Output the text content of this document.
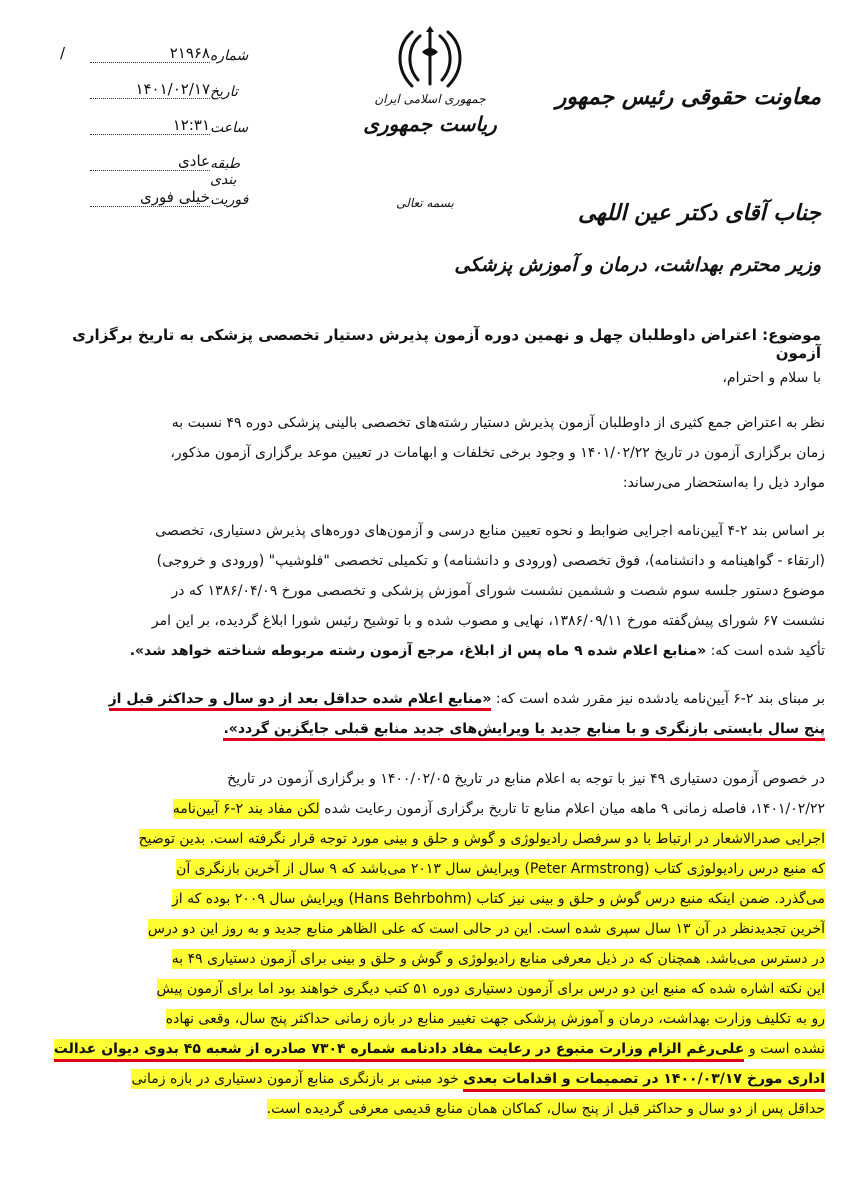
/	۲۱۹۶۸ شماره
۱۴۰۱/۰۲/۱۷ تاریخ
۱۲:۳۱ ساعت
عادی طبقه بندی
خیلی فوری فوریت
جمهوری اسلامی ایران
ریاست جمهوری
بسمه تعالی
معاونت حقوقی رئیس جمهور
جناب آقای دکتر عین اللهی
وزیر محترم بهداشت، درمان و آموزش پزشکی
موضوع: اعتراض داوطلبان چهل و نهمین دوره آزمون پذیرش دستیار تخصصی پزشکی به تاریخ برگزاری آزمون
با سلام و احترام،
نظر به اعتراض جمع کثیری از داوطلبان آزمون پذیرش دستیار رشته‌های تخصصی بالینی پزشکی دوره ۴۹ نسبت به
زمان برگزاری آزمون در تاریخ ۱۴۰۱/۰۲/۲۲ و وجود برخی تخلفات و ابهامات در تعیین موعد برگزاری آزمون مذکور،
موارد ذیل را به‌استحضار می‌رساند:
بر اساس بند ۲-۴ آیین‌نامه اجرایی ضوابط و نحوه تعیین منابع درسی و آزمون‌های دوره‌های پذیرش دستیاری، تخصصی
(ارتقاء - گواهینامه و دانشنامه)، فوق تخصصی (ورودی و دانشنامه) و تکمیلی تخصصی "فلوشیپ" (ورودی و خروجی)
موضوع دستور جلسه سوم شصت و ششمین نشست شورای آموزش پزشکی و تخصصی مورخ ۱۳۸۶/۰۴/۰۹ که در
نشست ۶۷ شورای پیش‌گفته مورخ ۱۳۸۶/۰۹/۱۱، نهایی و مصوب شده و با توشیح رئیس شورا ابلاغ گردیده، بر این امر
تأکید شده است که: «منابع اعلام شده ۹ ماه پس از ابلاغ، مرجع آزمون رشته مربوطه شناخته خواهد شد».
بر مبنای بند ۲-۶ آیین‌نامه یادشده نیز مقرر شده است که: «منابع اعلام شده حداقل بعد از دو سال و حداکثر قبل از
پنج سال بایستی بازنگری و با منابع جدید یا ویرایش‌های جدید منابع قبلی جایگزین گردد».
در خصوص آزمون دستیاری ۴۹ نیز با توجه به اعلام منابع در تاریخ ۱۴۰۰/۰۲/۰۵ و برگزاری آزمون در تاریخ
۱۴۰۱/۰۲/۲۲، فاصله زمانی ۹ ماهه میان اعلام منابع تا تاریخ برگزاری آزمون رعایت شده لکن مفاد بند ۲-۶ آیین‌نامه
اجرایی صدرالاشعار در ارتباط با دو سرفصل رادیولوژی و گوش و حلق و بینی مورد توجه قرار نگرفته است. بدین توضیح
که منبع درس رادیولوژی کتاب (Peter Armstrong) ویرایش سال ۲۰۱۳ می‌باشد که ۹ سال از آخرین بازنگری آن
می‌گذرد. ضمن اینکه منبع درس گوش و حلق و بینی نیز کتاب (Hans Behrbohm) ویرایش سال ۲۰۰۹ بوده که از
آخرین تجدیدنظر در آن ۱۳ سال سپری شده است. این در حالی است که علی الظاهر منابع جدید و به روز این دو درس
در دسترس می‌باشد. همچنان که در ذیل معرفی منابع رادیولوژی و گوش و حلق و بینی برای آزمون دستیاری ۴۹ به
این نکته اشاره شده که منبع این دو درس برای آزمون دستیاری دوره ۵۱ کتب دیگری خواهند بود اما برای آزمون پیش
رو به تکلیف وزارت بهداشت، درمان و آموزش پزشکی جهت تغییر منابع در بازه زمانی حداکثر پنج سال، وقعی نهاده
نشده است و علی‌رغم الزام وزارت متبوع در رعایت مفاد دادنامه شماره ۷۳۰۴ صادره از شعبه ۴۵ بدوی دیوان عدالت
اداری مورخ ۱۴۰۰/۰۳/۱۷ در تصمیمات و اقدامات بعدی خود مبنی بر بازنگری منابع آزمون دستیاری در بازه زمانی
حداقل پس از دو سال و حداکثر قبل از پنج سال، کماکان همان منابع قدیمی معرفی گردیده است.
